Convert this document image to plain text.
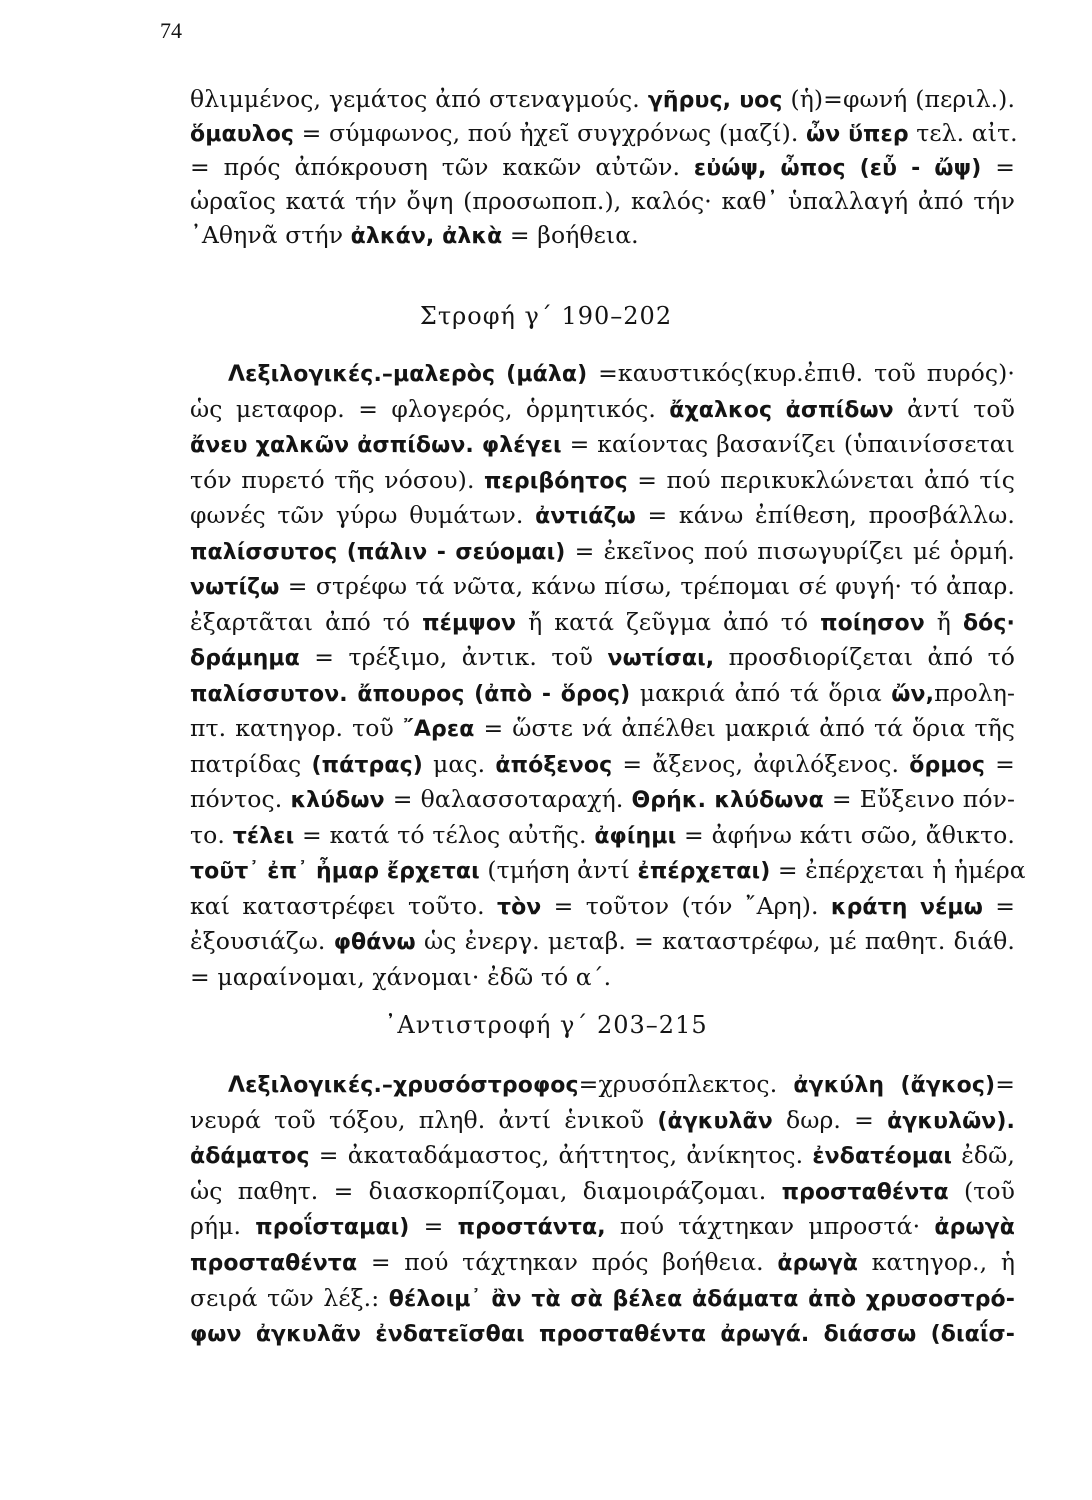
74
θλιμμένος, γεμάτος ἀπό στεναγμούς. γῆρυς, υος (ἡ)=φωνή (περιλ.).
ὅμαυλος = σύμφωνος, πού ἠχεῖ συγχρόνως (μαζί). ὦν ὕπερ τελ. αἰτ.
= πρός ἀπόκρουση τῶν κακῶν αὐτῶν. εὐώψ, ὦπος (εὖ - ὤψ) =
ὡραῖος κατά τήν ὄψη (προσωποπ.), καλός· καθ᾿ ὑπαλλαγή ἀπό τήν
᾿Αθηνᾶ στήν ἀλκάν, ἀλκὰ = βοήθεια.
Στροφή γ΄ 190–202
Λεξιλογικές.–μαλερὸς (μάλα) =καυστικός(κυρ.ἐπιθ. τοῦ πυρός)·
ὡς μεταφορ. = φλογερός, ὁρμητικός. ἄχαλκος ἀσπίδων ἀντί τοῦ
ἄνευ χαλκῶν ἀσπίδων. φλέγει = καίοντας βασανίζει (ὑπαινίσσεται
τόν πυρετό τῆς νόσου). περιβόητος = πού περικυκλώνεται ἀπό τίς
φωνές τῶν γύρω θυμάτων. ἀντιάζω = κάνω ἐπίθεση, προσβάλλω.
παλίσσυτος (πάλιν - σεύομαι) = ἐκεῖνος πού πισωγυρίζει μέ ὁρμή.
νωτίζω = στρέφω τά νῶτα, κάνω πίσω, τρέπομαι σέ φυγή· τό ἀπαρ.
ἐξαρτᾶται ἀπό τό πέμψον ἤ κατά ζεῦγμα ἀπό τό ποίησον ἤ δός·
δράμημα = τρέξιμο, ἀντικ. τοῦ νωτίσαι, προσδιορίζεται ἀπό τό
παλίσσυτον. ἄπουρος (ἀπὸ - ὅρος) μακριά ἀπό τά ὅρια ὤν,προλη-
πτ. κατηγορ. τοῦ ῎Αρεα = ὥστε νά ἀπέλθει μακριά ἀπό τά ὅρια τῆς
πατρίδας (πάτρας) μας. ἀπόξενος = ἄξενος, ἀφιλόξενος. ὅρμος =
πόντος. κλύδων = θαλασσοταραχή. Θρήκ. κλύδωνα = Εὔξεινο πόν-
το. τέλει = κατά τό τέλος αὐτῆς. ἀφίημι = ἀφήνω κάτι σῶο, ἄθικτο.
τοῦτ᾿ ἐπ᾿ ἦμαρ ἔρχεται (τμήση ἀντί ἐπέρχεται) = ἐπέρχεται ἡ ἡμέρα
καί καταστρέφει τοῦτο. τὸν = τοῦτον (τόν ῎Αρη). κράτη νέμω =
ἐξουσιάζω. φθάνω ὡς ἐνεργ. μεταβ. = καταστρέφω, μέ παθητ. διάθ.
= μαραίνομαι, χάνομαι· ἐδῶ τό α΄.
᾿Αντιστροφή γ΄ 203–215
Λεξιλογικές.–χρυσόστροφος=χρυσόπλεκτος. ἀγκύλη (ἄγκος)=
νευρά τοῦ τόξου, πληθ. ἀντί ἑνικοῦ (ἀγκυλᾶν δωρ. = ἀγκυλῶν).
ἀδάματος = ἀκαταδάμαστος, ἀήττητος, ἀνίκητος. ἐνδατέομαι ἐδῶ,
ὡς παθητ. = διασκορπίζομαι, διαμοιράζομαι. προσταθέντα (τοῦ
ρήμ. προΐσταμαι) = προστάντα, πού τάχτηκαν μπροστά· ἀρωγὰ
προσταθέντα = πού τάχτηκαν πρός βοήθεια. ἀρωγὰ κατηγορ., ἡ
σειρά τῶν λέξ.: θέλοιμ᾿ ἂν τὰ σὰ βέλεα ἀδάματα ἀπὸ χρυσοστρό-
φων ἀγκυλᾶν ἐνδατεῖσθαι προσταθέντα ἀρωγά. διάσσω (διαΐσ-
